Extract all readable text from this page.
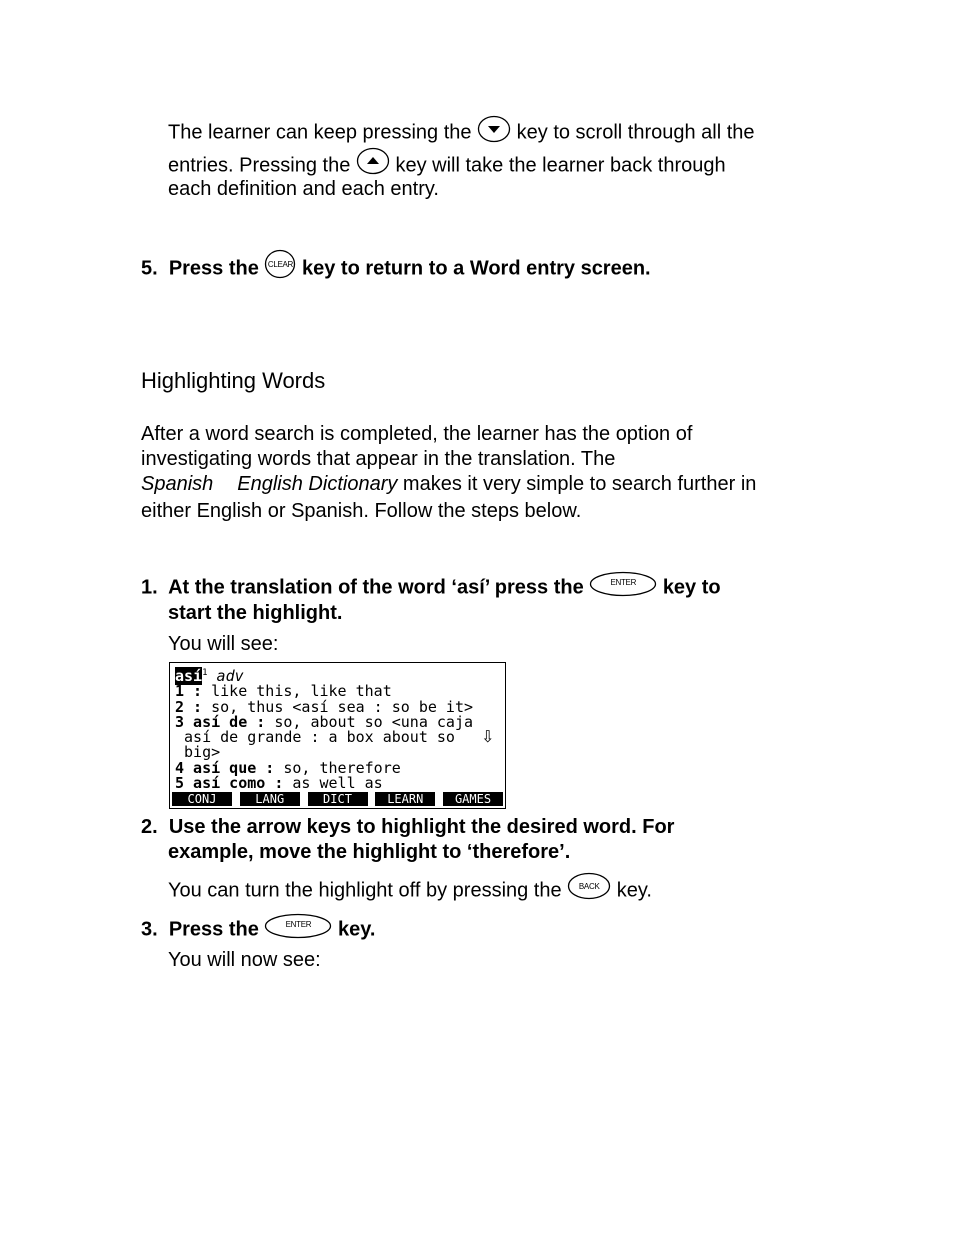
The learner can keep pressing the key to scroll through all the
entries. Pressing the key will take the learner back through
each definition and each entry.
5. Press the	CLEAR key to return to a Word entry screen.
Highlighting Words
After a word search is completed, the learner has the option of
investigating words that appear in the translation. The
Spanish English Dictionary makes it very simple to search further in
either English or Spanish. Follow the steps below.
1. At the translation of the word ‘así’ press the	ENTER	key to
start the highlight.
You will see:
así$^1$ adv
1 : like this, like that
2 : so, thus <así sea : so be it>
3 así de : so, about so <una caja
así de grande : a box about so
big>
4 así que : so, therefore
5 así como : as well as
⇩
CONJ	LANG	DICT	LEARN	GAMES
2. Use the arrow keys to highlight the desired word. For
example, move the highlight to ‘therefore’.
You can turn the highlight off by pressing the	BACK key.
3. Press the	ENTER	key.
You will now see:
